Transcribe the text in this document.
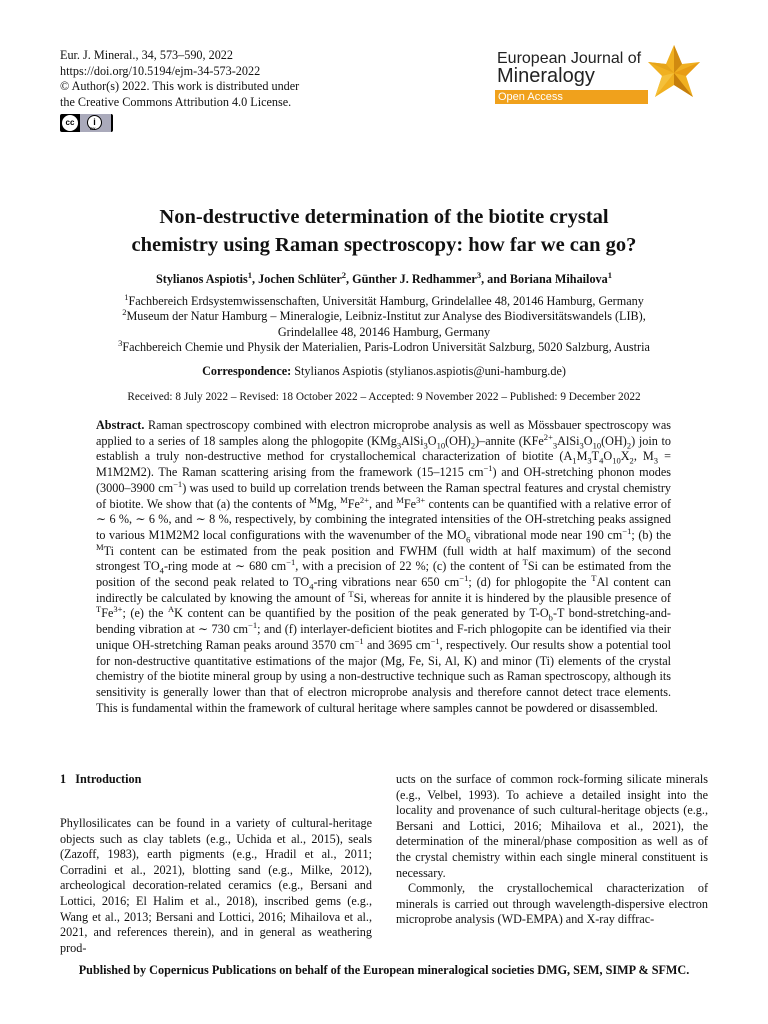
Eur. J. Mineral., 34, 573–590, 2022
https://doi.org/10.5194/ejm-34-573-2022
© Author(s) 2022. This work is distributed under
the Creative Commons Attribution 4.0 License.
cc	i
BY
European Journal of
Mineralogy
Open Access
Non-destructive determination of the biotite crystal
chemistry using Raman spectroscopy: how far we can go?
Stylianos Aspiotis$^1$, Jochen Schlüter$^2$, Günther J. Redhammer$^3$, and Boriana Mihailova$^1$
$^1$Fachbereich Erdsystemwissenschaften, Universität Hamburg, Grindelallee 48, 20146 Hamburg, Germany
$^2$Museum der Natur Hamburg – Mineralogie, Leibniz-Institut zur Analyse des Biodiversitätswandels (LIB),
Grindelallee 48, 20146 Hamburg, Germany
$^3$Fachbereich Chemie und Physik der Materialien, Paris-Lodron Universität Salzburg, 5020 Salzburg, Austria
Correspondence: Stylianos Aspiotis (stylianos.aspiotis@uni-hamburg.de)
Received: 8 July 2022 – Revised: 18 October 2022 – Accepted: 9 November 2022 – Published: 9 December 2022
Abstract. Raman spectroscopy combined with electron microprobe analysis as well as Mössbauer spectroscopy was applied to a series of 18 samples along the phlogopite $(KMg_3AlSi_3O_{10}(OH)_2)$–annite $(KFe^{2+}_3AlSi_3O_{10}(OH)_2)$ join to establish a truly non-destructive method for crystallochemical characterization of biotite ($A_1M_3T_4O_{10}X_2$, $M_3 = M1M2M2$). The Raman scattering arising from the framework (15–1215 $cm^{-1}$) and OH-stretching phonon modes (3000–3900 $cm^{-1}$) was used to build up correlation trends between the Raman spectral features and crystal chemistry of biotite. We show that (a) the contents of $^M$Mg, $^MFe^{2+}$, and $^MFe^{3+}$ contents can be quantified with a relative error of ∼ 6 %, ∼ 6 %, and ∼ 8 %, respectively, by combining the integrated intensities of the OH-stretching peaks assigned to various M1M2M2 local configurations with the wavenumber of the $MO_6$ vibrational mode near 190 $cm^{-1}$; (b) the $^M$Ti content can be estimated from the peak position and FWHM (full width at half maximum) of the second strongest $TO_4$-ring mode at ∼ 680 $cm^{-1}$, with a precision of 22 %; (c) the content of $^T$Si can be estimated from the position of the second peak related to $TO_4$-ring vibrations near 650 $cm^{-1}$; (d) for phlogopite the $^T$Al content can indirectly be calculated by knowing the amount of $^T$Si, whereas for annite it is hindered by the plausible presence of $^TFe^{3+}$; (e) the $^A$K content can be quantified by the position of the peak generated by $T-O_b-T$ bond-stretching-and-bending vibration at ∼ 730 $cm^{-1}$; and (f) interlayer-deficient biotites and F-rich phlogopite can be identified via their unique OH-stretching Raman peaks around 3570 $cm^{-1}$ and 3695 $cm^{-1}$, respectively. Our results show a potential tool for non-destructive quantitative estimations of the major (Mg, Fe, Si, Al, K) and minor (Ti) elements of the crystal chemistry of the biotite mineral group by using a non-destructive technique such as Raman spectroscopy, although its sensitivity is generally lower than that of electron microprobe analysis and therefore cannot detect trace elements. This is fundamental within the framework of cultural heritage where samples cannot be powdered or disassembled.
1 Introduction

Phyllosilicates can be found in a variety of cultural-heritage objects such as clay tablets (e.g., Uchida et al., 2015), seals (Zazoff, 1983), earth pigments (e.g., Hradil et al., 2011; Corradini et al., 2021), blotting sand (e.g., Milke, 2012), archeological decoration-related ceramics (e.g., Bersani and Lottici, 2016; El Halim et al., 2018), inscribed gems (e.g., Wang et al., 2013; Bersani and Lottici, 2016; Mihailova et al., 2021, and references therein), and in general as weathering prod-

ucts on the surface of common rock-forming silicate minerals (e.g., Velbel, 1993). To achieve a detailed insight into the locality and provenance of such cultural-heritage objects (e.g., Bersani and Lottici, 2016; Mihailova et al., 2021), the determination of the mineral/phase composition as well as of the crystal chemistry within each single mineral constituent is necessary.

Commonly, the crystallochemical characterization of minerals is carried out through wavelength-dispersive electron microprobe analysis (WD-EMPA) and X-ray diffrac-

Published by Copernicus Publications on behalf of the European mineralogical societies DMG, SEM, SIMP & SFMC.
